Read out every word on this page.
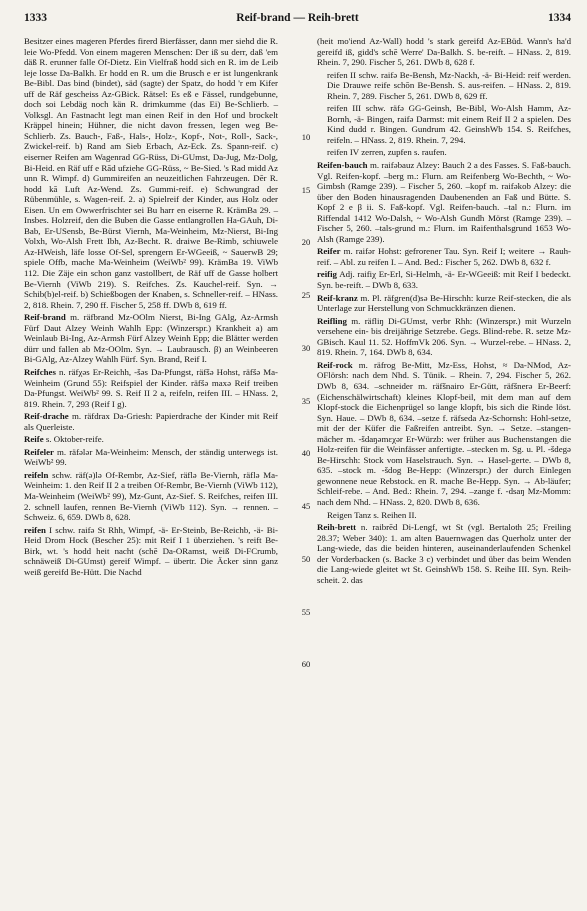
1333	Reif-brand — Reih-brett	1334

Besitzer eines mageren Pferdes firerd Bierfässer, dann mer siehd die R. leie Wo-Pfedd. Von einem mageren Menschen: Der iß su derr, daß 'em däß R. erunner falle Of-Dietz. Ein Vielfraß hodd sich en R. im de Leib leje losse Da-Balkh. Er hodd en R. um die Brusch e er ist lungenkrank Be-Bibl. Das bind (bindet), säd (sagte) der Spatz, do hodd 'r em Kifer uff de Räf gescheiss Az-GBick. Rätsel: Es eß e Fässel, rundgebunne, doch soi Lebdäg noch kän R. drimkumme (das Ei) Be-Schlierb. – Volksgl. An Fastnacht legt man einen Reif in den Hof und brockelt Kräppel hinein; Hühner, die nicht davon fressen, legen weg Be-Schlierb. Zs. Bauch-, Faß-, Hals-, Holz-, Kopf-, Not-, Roll-, Sack-, Zwickel-reif. b) Rand am Sieb Erbach, Az-Eck. Zs. Spann-reif. c) eiserner Reifen am Wagenrad GG-Rüss, Di-GUmst, Da-Jug, Mz-Dolg, Bi-Heid. en Räf uff e Rād ufziehe GG-Rüss, ~ Be-Sied. 's Rad midd Az unn R. Wimpf. d) Gummireifen an neuzeitlichen Fahrzeugen. Dēr R. hodd kā Luft Az-Wend. Zs. Gummi-reif. e) Schwungrad der Rübenmühle, s. Wagen-reif. 2. a) Spielreif der Kinder, aus Holz oder Eisen. Un em Owwerfrischter sei Bu harr en eiserne R. KrämBa 29. – Insbes. Holzreif, den die Buben die Gasse entlangrollen Ha-GAuh, Di-Bab, Er-USensb, Be-Bürst Viernh, Ma-Weinheim, Mz-Nierst, Bi-Ing Volxh, Wo-Alsh Frett Ibh, Az-Becht. R. draiwe Be-Rimb, schiuwele Az-HWeish, läfe losse Of-Sel, sprengern Er-WGeeiß, ~ SauerwB 29; spiele Offb, mache Ma-Weinheim (WeiWb² 99). KrämBa 19. ViWb 112. Die Zäje ein schon ganz vastollbert, de Räf uff de Gasse holbert Be-Viernh (ViWb 219). S. Reifches. Zs. Kauchel-reif. Syn. → Schib(b)el-reif. b) Schießbogen der Knaben, s. Schneller-reif. – HNass. 2, 818. Rhein. 7, 290 ff. Fischer 5, 258 ff. DWb 8, 619 ff.

Reif-brand m. räfbrand Mz-OOlm Nierst, Bi-Ing GAlg, Az-Armsh Fürf Daut Alzey Weinh Wahlh Epp: (Winzerspr.) Krankheit a) am Weinlaub Bi-Ing, Az-Armsh Fürf Alzey Weinh Epp; die Blätter werden dürr und fallen ab Mz-OOlm. Syn. → Laubrausch. β) an Weinbeeren Bi-GAlg, Az-Alzey Wahlh Fürf. Syn. Brand, Reif I.

Reifches n. räfχəs Er-Reichh, -šəs Da-Pfungst, räfšə Hohst, räfšə Ma-Weinheim (Grund 55): Reifspiel der Kinder. räfšə maxə Reif treiben Da-Pfungst. WeiWb² 99. S. Reif II 2 a, reifeln, reifen III. – HNass. 2, 819. Rhein. 7, 293 (Reif I g).

Reif-drache m. räfdrax Da-Griesh: Papierdrache der Kinder mit Reif als Querleiste.

Reife s. Oktober-reife.

Reifeler m. räfələr Ma-Weinheim: Mensch, der ständig unterwegs ist. WeiWb² 99.

reifeln schw. räf(ə)lə Of-Rembr, Az-Sief, räflə Be-Viernh, räflə Ma-Weinheim: 1. den Reif II 2 a treiben Of-Rembr, Be-Viernh (ViWb 112), Ma-Weinheim (WeiWb² 99), Mz-Gunt, Az-Sief. S. Reifches, reifen III. 2. schnell laufen, rennen Be-Viernh (ViWb 112). Syn. → rennen. – Schweiz. 6, 659. DWb 8, 628.

reifen I schw. raifə St Rhh, Wimpf, -ä- Er-Steinb, Be-Reichb, -ä- Bi-Heid Drom Hock (Bescher 25): mit Reif I 1 überziehen. 's reift Be-Birk, wt. 's hodd heit nacht (schē Da-ORamst, weiß Di-FCrumb, schnäweiß Di-GUmst) gereif Wimpf. – übertr. Die Äcker sinn ganz weiß gereifd Be-Hütt. Die Nachd

10
15
20
25
30
35
40
45
50
55
60

(heit mo'iend Az-Wall) hodd 's stark gereifd Az-EBüd. Wann's ha'd gereifd iß, gidd's schē Werre' Da-Balkh. S. be-reift. – HNass. 2, 819. Rhein. 7, 290. Fischer 5, 261. DWb 8, 628 f.

reifen II schw. raifə Be-Bensh, Mz-Nackh, -ä- Bi-Heid: reif werden. Die Drauwe reife schōn Be-Bensh. S. aus-reifen. – HNass. 2, 819. Rhein. 7, 289. Fischer 5, 261. DWb 8, 629 ff.

reifen III schw. räfə GG-Geinsh, Be-Bibl, Wo-Alsh Hamm, Az-Bornh, -ä- Bingen, raifə Darmst: mit einem Reif II 2 a spielen. Des Kind dudd r. Bingen. Gundrum 42. GeinshWb 154. S. Reifches, reifeln. – HNass. 2, 819. Rhein. 7, 294.

reifen IV zerren, zupfen s. raufen.

Reifen-bauch m. raifəbauz Alzey: Bauch 2 a des Fasses. S. Faß-bauch. Vgl. Reifen-kopf. –berg m.: Flurn. am Reifenberg Wo-Bechth, ~ Wo-Gimbsh (Ramge 239). – Fischer 5, 260. –kopf m. raifəkob Alzey: die über den Boden hinausragenden Daubenenden an Faß und Bütte. S. Kopf 2 e β ii. S. Faß-kopf. Vgl. Reifen-bauch. –tal n.: Flurn. im Riffendal 1412 Wo-Dalsh, ~ Wo-Alsh Gundh Mörst (Ramge 239). – Fischer 5, 260. –tals-grund m.: Flurn. im Raifenthalsgrund 1653 Wo-Alsh (Ramge 239).

Reifer m. raifər Hohst: gefrorener Tau. Syn. Reif I; weitere → Rauh-reif. – Abl. zu reifen I. – And. Bed.: Fischer 5, 262. DWb 8, 632 f.

reifig Adj. raifiχ Er-Erl, Si-Helmh, -ä- Er-WGeeiß: mit Reif I bedeckt. Syn. be-reift. – DWb 8, 633.

Reif-kranz m. Pl. räfgren(d)sə Be-Hirschh: kurze Reif-stecken, die als Unterlage zur Herstellung von Schmuckkränzen dienen.

Reifling m. räfliŋ Di-GUmst, verbr Rhh: (Winzerspr.) mit Wurzeln versehene ein- bis dreijährige Setzrebe. Gegs. Blind-rebe. R. setze Mz-GBisch. Kaul 11. 52. HoffmVk 206. Syn. → Wurzel-rebe. – HNass. 2, 819. Rhein. 7, 164. DWb 8, 634.

Reif-rock m. räfrog Be-Mitt, Mz-Ess, Hohst, ≈ Da-NMod, Az-OFlörsh: nach dem Nhd. S. Tünik. – Rhein. 7, 294. Fischer 5, 262. DWb 8, 634. –schneider m. räfšnairo Er-Gütt, räfšnerə Er-Beerf: (Eichenschälwirtschaft) kleines Klopf-beil, mit dem man auf dem Klopf-stock die Eichenprügel so lange klopft, bis sich die Rinde löst. Syn. Haue. – DWb 8, 634. –setze f. räfseda Az-Schornsh: Hohl-setze, mit der der Küfer die Faßreifen antreibt. Syn. → Setze. –stangen-mächer m. -šdaŋəmɛχər Er-Würzb: wer früher aus Buchenstangen die Holz-reifen für die Weinfässer anfertigte. –stecken m. Sg. u. Pl. -šdegə Be-Hirschh: Stock vom Haselstrauch. Syn. → Hasel-gerte. – DWb 8, 635. –stock m. -šdog Be-Hepp: (Winzerspr.) der durch Einlegen gewonnene neue Rebstock. en R. mache Be-Hepp. Syn. → Ab-läufer; Schleif-rebe. – And. Bed.: Rhein. 7, 294. –zange f. -dsaŋ Mz-Momm: nach dem Nhd. – HNass. 2, 820. DWb 8, 636.

Reigen Tanz s. Reihen II.

Reih-brett n. raibrēd Di-Lengf, wt St (vgl. Bertaloth 25; Freiling 28.37; Weber 340): 1. am alten Bauernwagen das Querholz unter der Lang-wiede, das die beiden hinteren, auseinanderlaufenden Schenkel der Vorderbacken (s. Backe 3 c) verbindet und über das beim Wenden die Lang-wiede gleitet wt St. GeinshWb 158. S. Reihe III. Syn. Reih-scheit. 2. das
